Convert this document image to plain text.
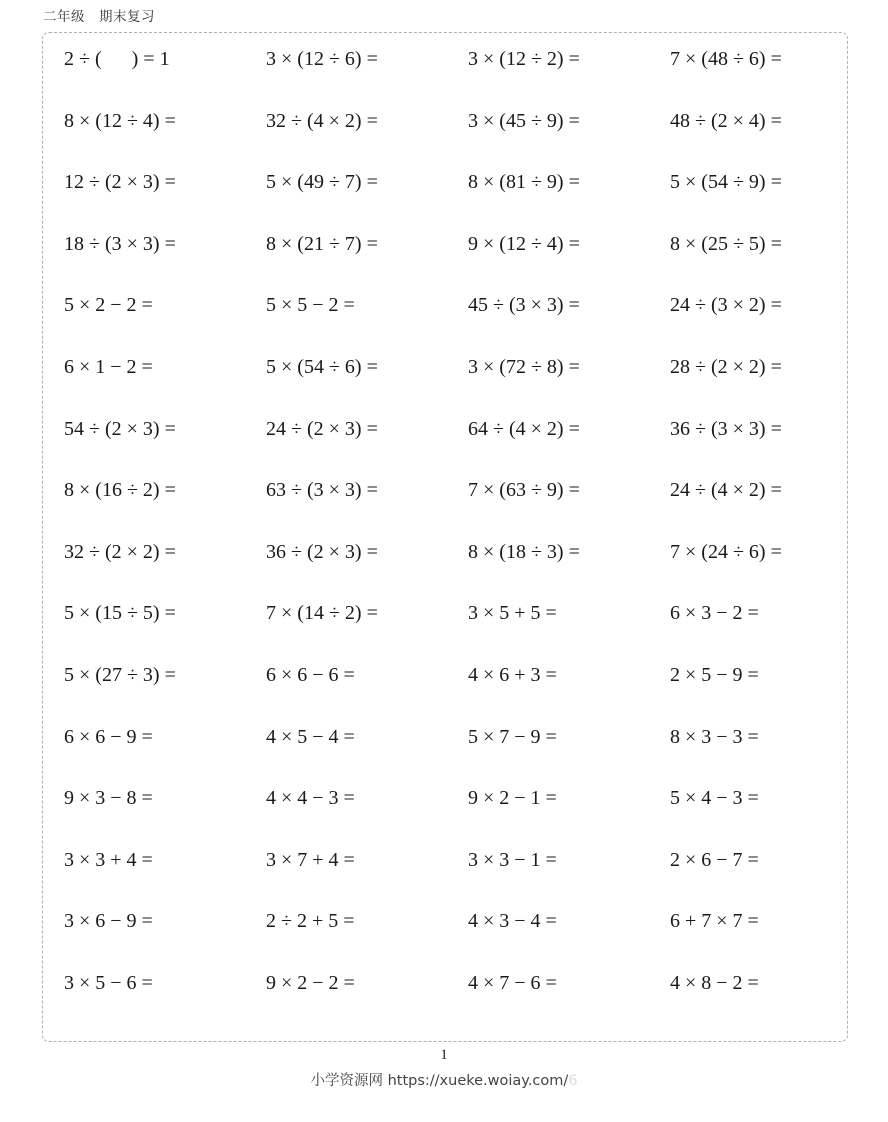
二年级　期末复习
2 ÷ (　  ) = 1	3 × (12 ÷ 6) =	3 × (12 ÷ 2) =	7 × (48 ÷ 6) =
8 × (12 ÷ 4) =	32 ÷ (4 × 2) =	3 × (45 ÷ 9) =	48 ÷ (2 × 4) =
12 ÷ (2 × 3) =	5 × (49 ÷ 7) =	8 × (81 ÷ 9) =	5 × (54 ÷ 9) =
18 ÷ (3 × 3) =	8 × (21 ÷ 7) =	9 × (12 ÷ 4) =	8 × (25 ÷ 5) =
5 × 2 − 2 =	5 × 5 − 2 =	45 ÷ (3 × 3) =	24 ÷ (3 × 2) =
6 × 1 − 2 =	5 × (54 ÷ 6) =	3 × (72 ÷ 8) =	28 ÷ (2 × 2) =
54 ÷ (2 × 3) =	24 ÷ (2 × 3) =	64 ÷ (4 × 2) =	36 ÷ (3 × 3) =
8 × (16 ÷ 2) =	63 ÷ (3 × 3) =	7 × (63 ÷ 9) =	24 ÷ (4 × 2) =
32 ÷ (2 × 2) =	36 ÷ (2 × 3) =	8 × (18 ÷ 3) =	7 × (24 ÷ 6) =
5 × (15 ÷ 5) =	7 × (14 ÷ 2) =	3 × 5 + 5 =	6 × 3 − 2 =
5 × (27 ÷ 3) =	6 × 6 − 6 =	4 × 6 + 3 =	2 × 5 − 9 =
6 × 6 − 9 =	4 × 5 − 4 =	5 × 7 − 9 =	8 × 3 − 3 =
9 × 3 − 8 =	4 × 4 − 3 =	9 × 2 − 1 =	5 × 4 − 3 =
3 × 3 + 4 =	3 × 7 + 4 =	3 × 3 − 1 =	2 × 6 − 7 =
3 × 6 − 9 =	2 ÷ 2 + 5 =	4 × 3 − 4 =	6 + 7 × 7 =
3 × 5 − 6 =	9 × 2 − 2 =	4 × 7 − 6 =	4 × 8 − 2 =
1
小学资源网 https://xueke.woiay.com/6
